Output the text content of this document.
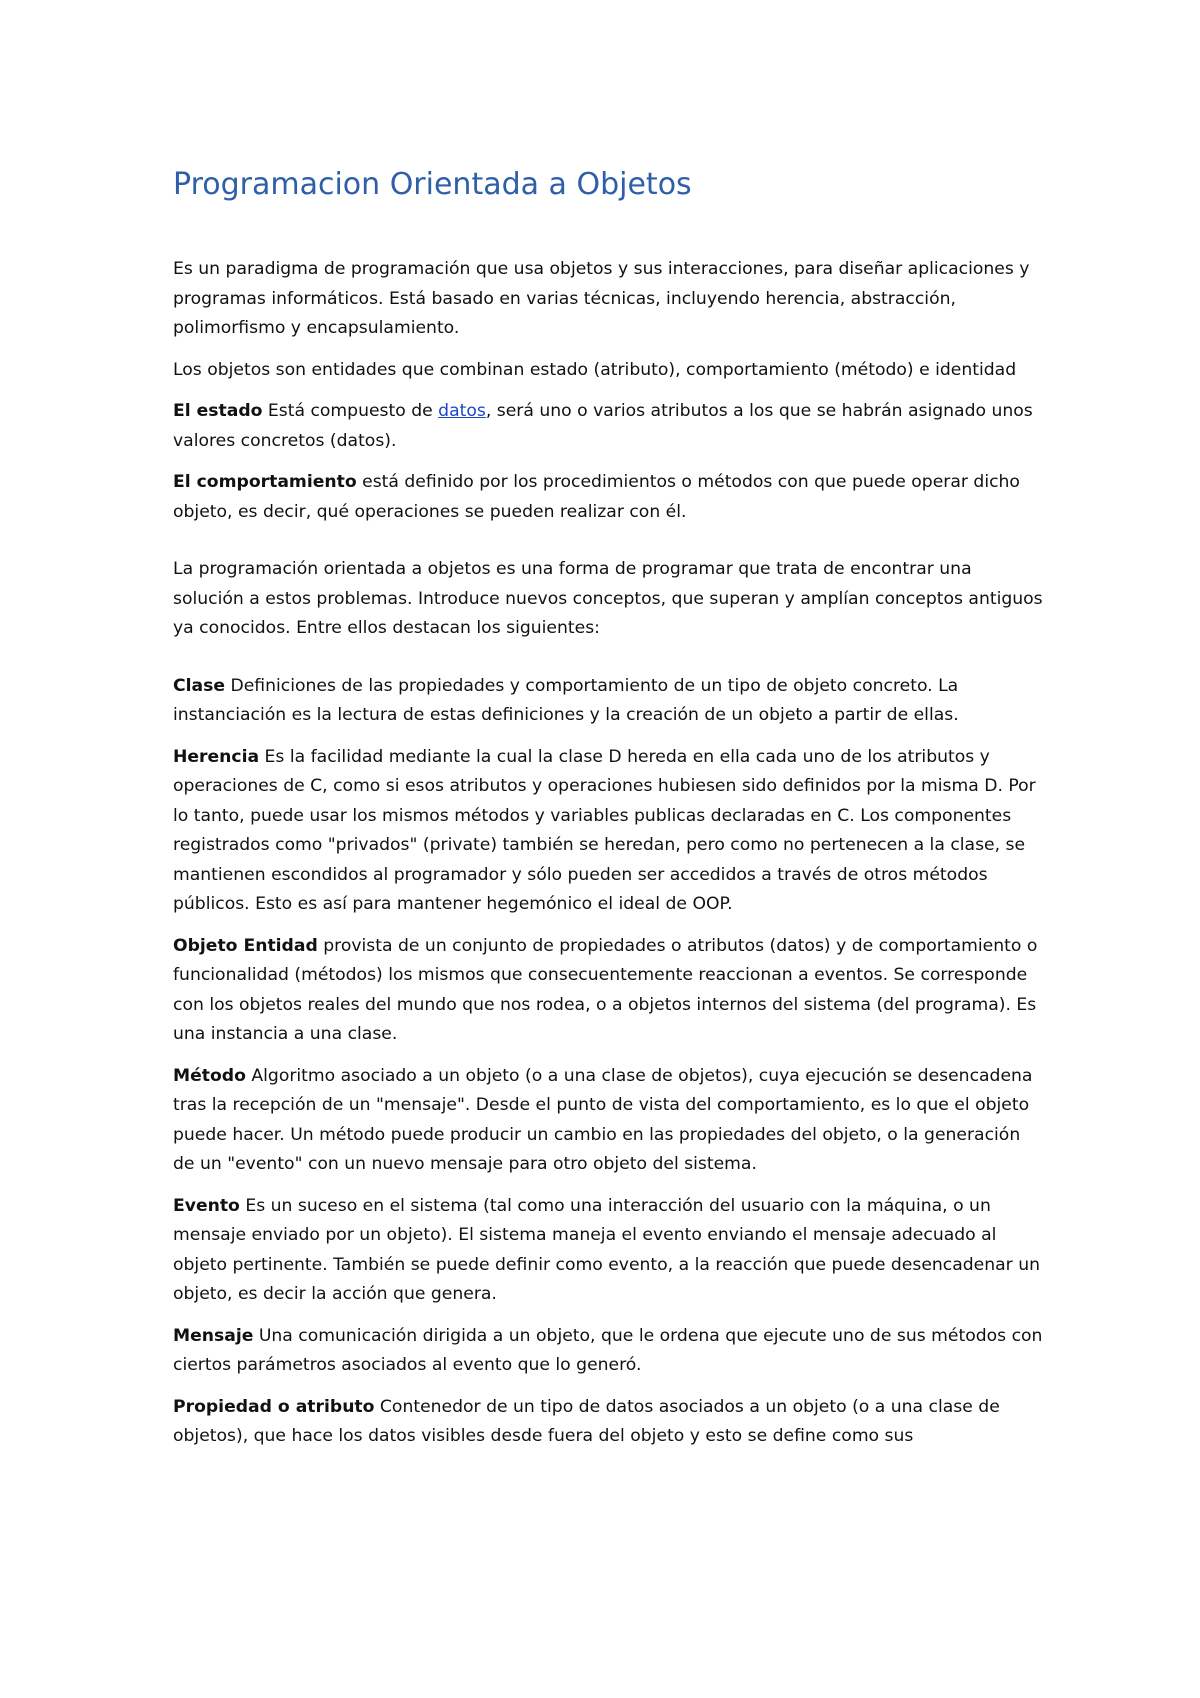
Programacion Orientada a Objetos

Es un paradigma de programación que usa objetos y sus interacciones, para diseñar aplicaciones y programas informáticos. Está basado en varias técnicas, incluyendo herencia, abstracción, polimorfismo y encapsulamiento.

Los objetos son entidades que combinan estado (atributo), comportamiento (método) e identidad

El estado Está compuesto de datos, será uno o varios atributos a los que se habrán asignado unos valores concretos (datos).

El comportamiento está definido por los procedimientos o métodos con que puede operar dicho objeto, es decir, qué operaciones se pueden realizar con él.

La programación orientada a objetos es una forma de programar que trata de encontrar una solución a estos problemas. Introduce nuevos conceptos, que superan y amplían conceptos antiguos ya conocidos. Entre ellos destacan los siguientes:

Clase Definiciones de las propiedades y comportamiento de un tipo de objeto concreto. La instanciación es la lectura de estas definiciones y la creación de un objeto a partir de ellas.

Herencia Es la facilidad mediante la cual la clase D hereda en ella cada uno de los atributos y operaciones de C, como si esos atributos y operaciones hubiesen sido definidos por la misma D. Por lo tanto, puede usar los mismos métodos y variables publicas declaradas en C. Los componentes registrados como "privados" (private) también se heredan, pero como no pertenecen a la clase, se mantienen escondidos al programador y sólo pueden ser accedidos a través de otros métodos públicos. Esto es así para mantener hegemónico el ideal de OOP.

Objeto Entidad provista de un conjunto de propiedades o atributos (datos) y de comportamiento o funcionalidad (métodos) los mismos que consecuentemente reaccionan a eventos. Se corresponde con los objetos reales del mundo que nos rodea, o a objetos internos del sistema (del programa). Es una instancia a una clase.

Método Algoritmo asociado a un objeto (o a una clase de objetos), cuya ejecución se desencadena tras la recepción de un "mensaje". Desde el punto de vista del comportamiento, es lo que el objeto puede hacer. Un método puede producir un cambio en las propiedades del objeto, o la generación de un "evento" con un nuevo mensaje para otro objeto del sistema.

Evento Es un suceso en el sistema (tal como una interacción del usuario con la máquina, o un mensaje enviado por un objeto). El sistema maneja el evento enviando el mensaje adecuado al objeto pertinente. También se puede definir como evento, a la reacción que puede desencadenar un objeto, es decir la acción que genera.

Mensaje Una comunicación dirigida a un objeto, que le ordena que ejecute uno de sus métodos con ciertos parámetros asociados al evento que lo generó.

Propiedad o atributo Contenedor de un tipo de datos asociados a un objeto (o a una clase de objetos), que hace los datos visibles desde fuera del objeto y esto se define como sus
